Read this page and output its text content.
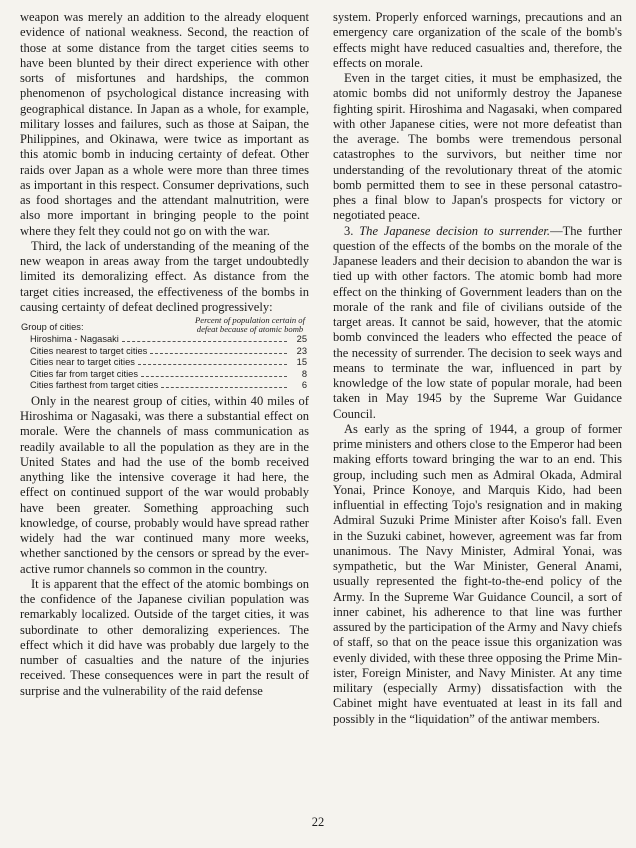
weapon was merely an addition to the already eloquent evidence of national weakness. Second, the reaction of those at some distance from the target cities seems to have been blunted by their direct experience with other sorts of misfortunes and hardships, the common phenomenon of psychological distance increasing with geographical distance. In Japan as a whole, for example, military losses and failures, such as those at Saipan, the Philippines, and Okinawa, were twice as important as this atomic bomb in inducing certainty of defeat. Other raids over Japan as a whole were more than three times as important in this respect. Consumer deprivations, such as food shortages and the attendant malnutrition, were also more important in bringing people to the point where they felt they could not go on with the war.

Third, the lack of understanding of the meaning of the new weapon in areas away from the target undoubtedly limited its demoralizing effect. As distance from the target cities increased, the effectiveness of the bombs in causing certainty of defeat declined progressively:

Group of cities:
Percent of population certain of defeat because of atomic bomb
Hiroshima - Nagasaki	25
Cities nearest to target cities	23
Cities near to target cities	15
Cities far from target cities	8
Cities farthest from target cities	6

Only in the nearest group of cities, within 40 miles of Hiroshima or Nagasaki, was there a substantial effect on morale. Were the channels of mass communication as readily available to all the population as they are in the United States and had the use of the bomb received anything like the intensive coverage it had here, the effect on continued support of the war would probably have been greater. Something approaching such knowledge, of course, probably would have spread rather widely had the war continued many more weeks, whether sanctioned by the censors or spread by the ever-active rumor channels so common in the country.

It is apparent that the effect of the atomic bombings on the confidence of the Japanese civilian population was remarkably localized. Outside of the target cities, it was subordinate to other demoralizing experiences. The effect which it did have was probably due largely to the number of casualties and the nature of the injuries received. These consequences were in part the result of surprise and the vulnerability of the raid defense

system. Properly enforced warnings, precautions and an emergency care organization of the scale of the bomb's effects might have reduced casualties and, therefore, the effects on morale.

Even in the target cities, it must be emphasized, the atomic bombs did not uniformly destroy the Japanese fighting spirit. Hiroshima and Nagasaki, when compared with other Japanese cities, were not more defeatist than the average. The bombs were tremendous personal catastrophes to the survivors, but neither time nor understanding of the revolutionary threat of the atomic bomb permitted them to see in these personal catastrophes a final blow to Japan's prospects for victory or negotiated peace.

3. The Japanese decision to surrender.—The further question of the effects of the bombs on the morale of the Japanese leaders and their decision to abandon the war is tied up with other factors. The atomic bomb had more effect on the thinking of Government leaders than on the morale of the rank and file of civilians outside of the target areas. It cannot be said, however, that the atomic bomb convinced the leaders who effected the peace of the necessity of surrender. The decision to seek ways and means to terminate the war, influenced in part by knowledge of the low state of popular morale, had been taken in May 1945 by the Supreme War Guidance Council.

As early as the spring of 1944, a group of former prime ministers and others close to the Emperor had been making efforts toward bringing the war to an end. This group, including such men as Admiral Okada, Admiral Yonai, Prince Konoye, and Marquis Kido, had been influential in effecting Tojo's resignation and in making Admiral Suzuki Prime Minister after Koiso's fall. Even in the Suzuki cabinet, however, agreement was far from unanimous. The Navy Minister, Admiral Yonai, was sympathetic, but the War Minister, General Anami, usually represented the fight-to-the-end policy of the Army. In the Supreme War Guidance Council, a sort of inner cabinet, his adherence to that line was further assured by the participation of the Army and Navy chiefs of staff, so that on the peace issue this organization was evenly divided, with these three opposing the Prime Minister, Foreign Minister, and Navy Minister. At any time military (especially Army) dissatisfaction with the Cabinet might have eventuated at least in its fall and possibly in the “liquidation” of the antiwar members.

22
